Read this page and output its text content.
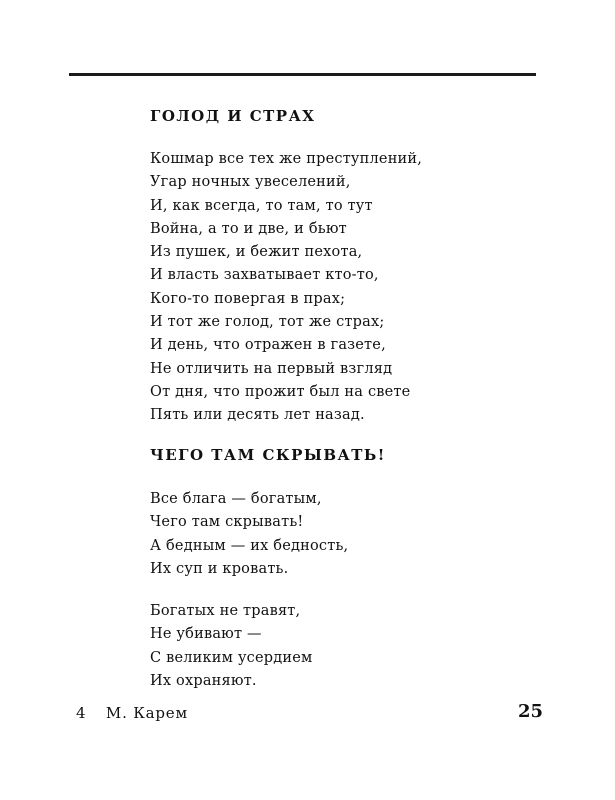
ГОЛОД И СТРАХ
Кошмар все тех же преступлений,
Угар ночных увеселений,
И, как всегда, то там, то тут
Война, а то и две, и бьют
Из пушек, и бежит пехота,
И власть захватывает кто-то,
Кого-то повергая в прах;
И тот же голод, тот же страх;
И день, что отражен в газете,
Не отличить на первый взгляд
От дня, что прожит был на свете
Пять или десять лет назад.
ЧЕГО ТАМ СКРЫВАТЬ!
Все блага — богатым,
Чего там скрывать!
А бедным — их бедность,
Их суп и кровать.
Богатых не травят,
Не убивают —
С великим усердием
Их охраняют.
4 М. Карем	25
